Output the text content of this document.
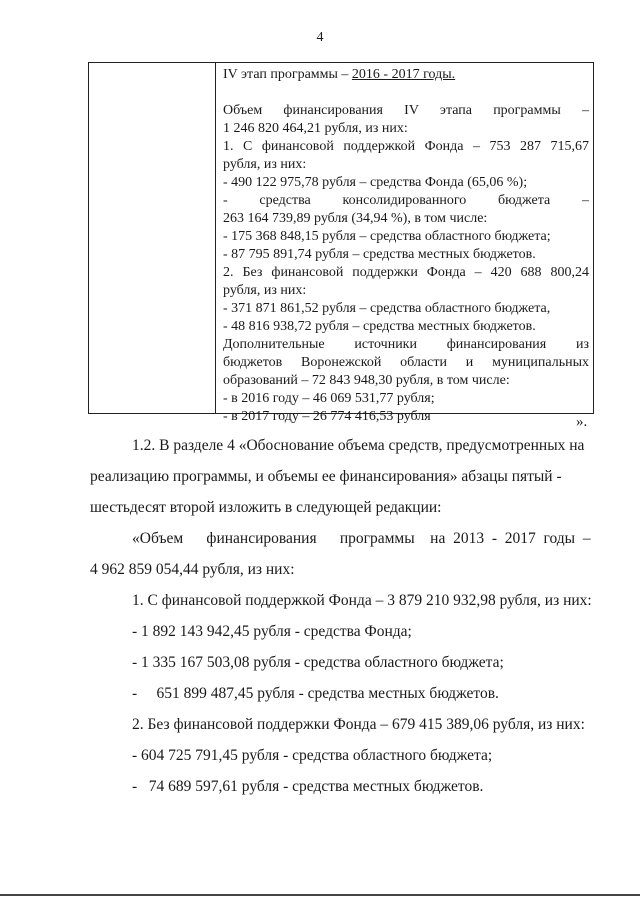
4
IV этап программы – 2016 - 2017 годы.
Объем финансирования IV этапа программы –
1 246 820 464,21 рубля, из них:
1. С финансовой поддержкой Фонда – 753 287 715,67
рубля, из них:
- 490 122 975,78 рубля – средства Фонда (65,06 %);
- средства консолидированного бюджета –
263 164 739,89 рубля (34,94 %), в том числе:
- 175 368 848,15 рубля – средства областного бюджета;
- 87 795 891,74 рубля – средства местных бюджетов.
2. Без финансовой поддержки Фонда – 420 688 800,24
рубля, из них:
- 371 871 861,52 рубля – средства областного бюджета,
- 48 816 938,72 рубля – средства местных бюджетов.
Дополнительные источники финансирования из
бюджетов Воронежской области и муниципальных
образований – 72 843 948,30 рубля, в том числе:
- в 2016 году – 46 069 531,77 рубля;
- в 2017 году – 26 774 416,53 рубля	».
1.2. В разделе 4 «Обоснование объема средств, предусмотренных на
реализацию программы, и объемы ее финансирования» абзацы пятый -
шестьдесят второй изложить в следующей редакции:
«Объем      финансирования      программы    на  2013  -  2017  годы  –
4 962 859 054,44 рубля, из них:
1. С финансовой поддержкой Фонда – 3 879 210 932,98 рубля, из них:
- 1 892 143 942,45 рубля - средства Фонда;
- 1 335 167 503,08 рубля - средства областного бюджета;
-     651 899 487,45 рубля - средства местных бюджетов.
2. Без финансовой поддержки Фонда – 679 415 389,06 рубля, из них:
- 604 725 791,45 рубля - средства областного бюджета;
-   74 689 597,61 рубля - средства местных бюджетов.
